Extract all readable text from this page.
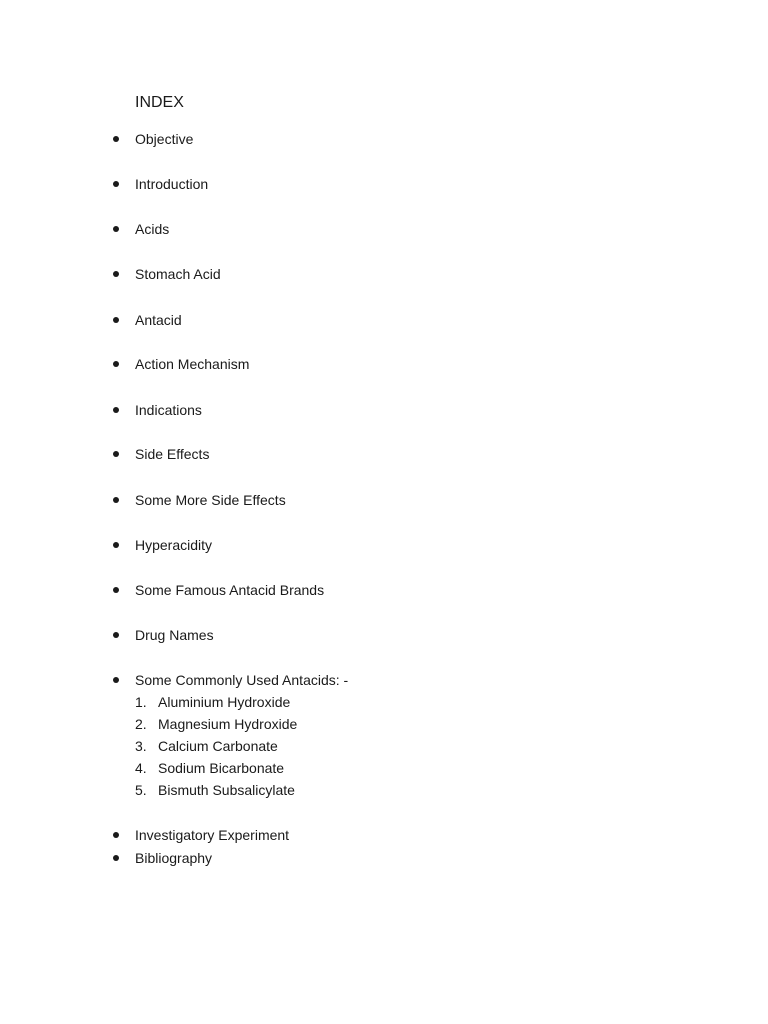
INDEX
Objective
Introduction
Acids
Stomach Acid
Antacid
Action Mechanism
Indications
Side Effects
Some More Side Effects
Hyperacidity
Some Famous Antacid Brands
Drug Names
Some Commonly Used Antacids: -
1. Aluminium Hydroxide
2. Magnesium Hydroxide
3. Calcium Carbonate
4. Sodium Bicarbonate
5. Bismuth Subsalicylate
Investigatory Experiment
Bibliography
